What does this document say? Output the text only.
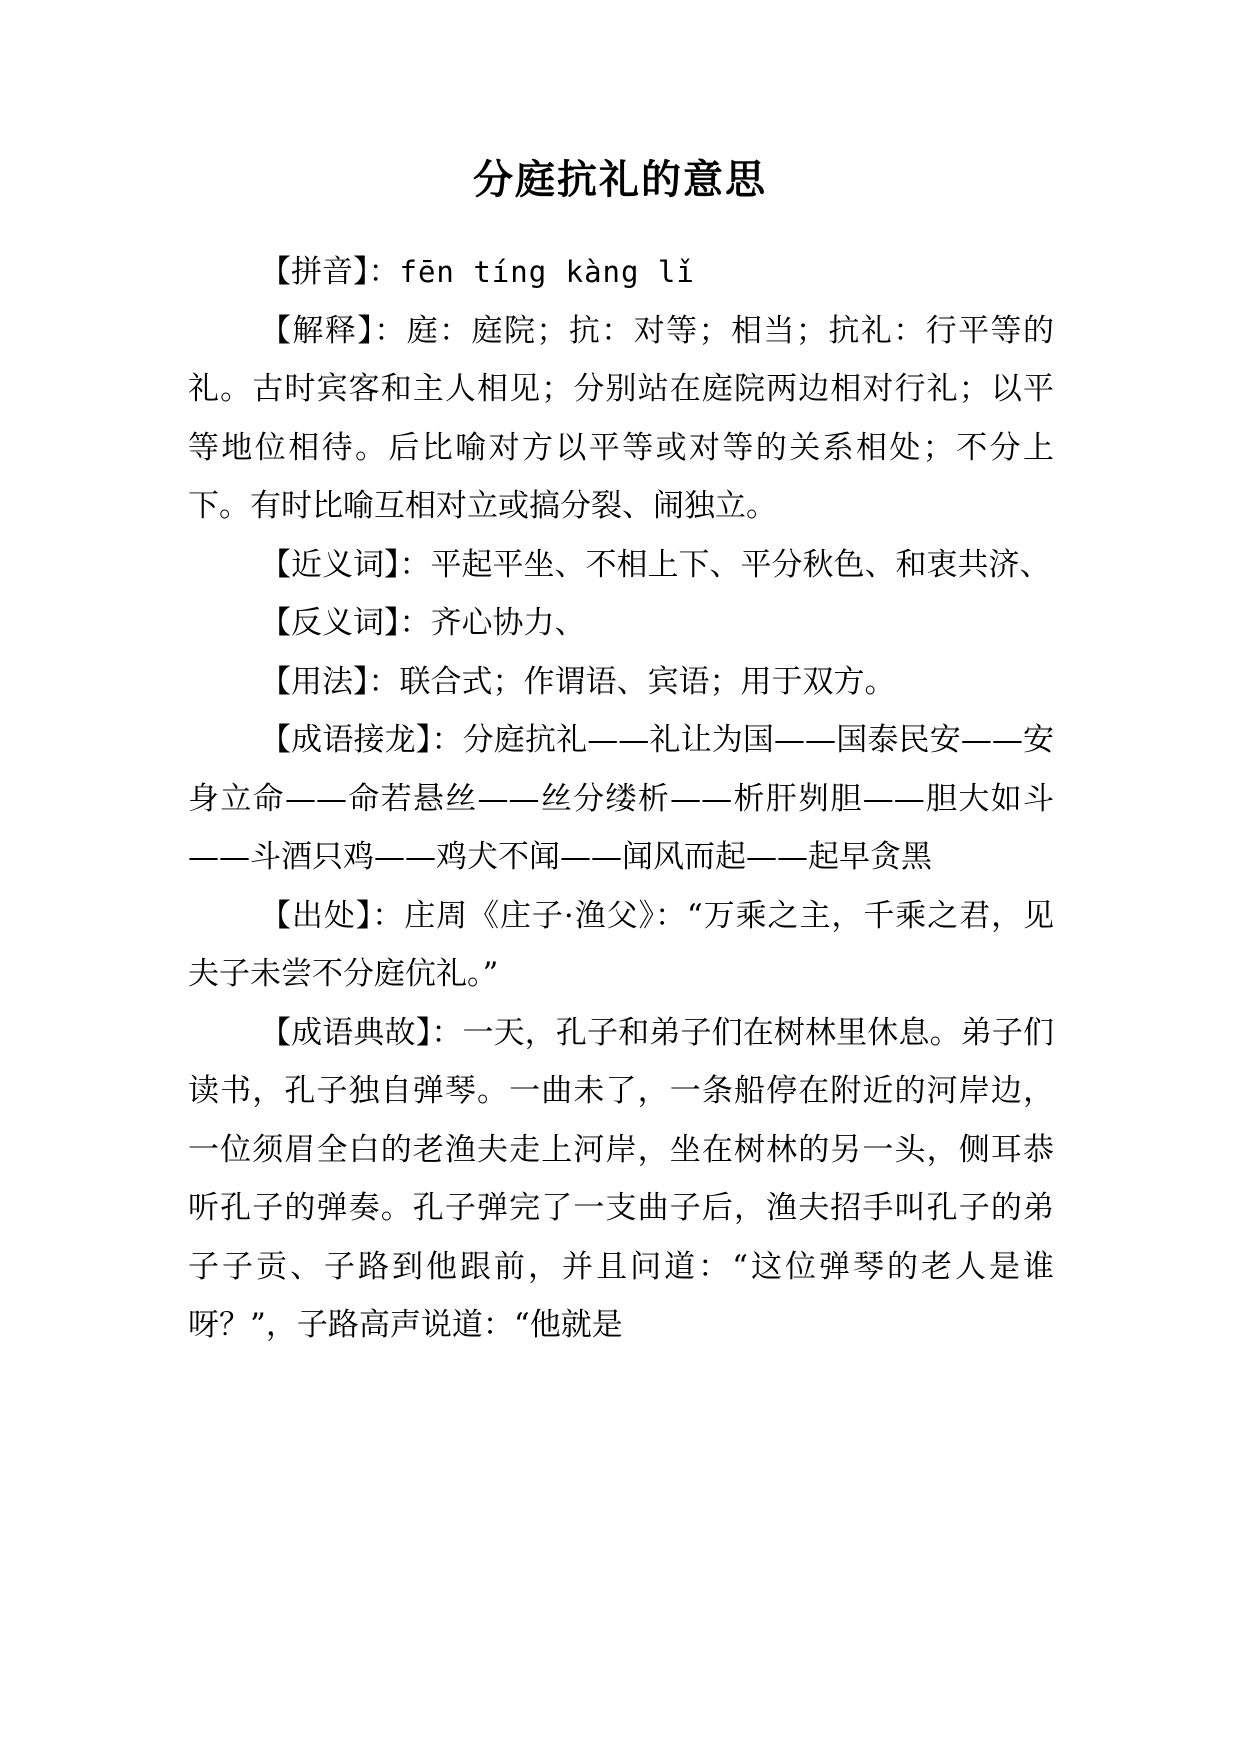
分庭抗礼的意思

【拼音】：fēn tíng kàng lǐ

【解释】：庭：庭院；抗：对等；相当；抗礼：行平等的礼。古时宾客和主人相见；分别站在庭院两边相对行礼；以平等地位相待。后比喻对方以平等或对等的关系相处；不分上下。有时比喻互相对立或搞分裂、闹独立。

【近义词】：平起平坐、不相上下、平分秋色、和衷共济、

【反义词】：齐心协力、

【用法】：联合式；作谓语、宾语；用于双方。

【成语接龙】：分庭抗礼——礼让为国——国泰民安——安身立命——命若悬丝——丝分缕析——析肝刿胆——胆大如斗——斗酒只鸡——鸡犬不闻——闻风而起——起早贪黑

【出处】：庄周《庄子·渔父》：“万乘之主，千乘之君，见夫子未尝不分庭伉礼。”

【成语典故】：一天，孔子和弟子们在树林里休息。弟子们读书，孔子独自弹琴。一曲未了，一条船停在附近的河岸边，一位须眉全白的老渔夫走上河岸，坐在树林的另一头，侧耳恭听孔子的弹奏。孔子弹完了一支曲子后，渔夫招手叫孔子的弟子子贡、子路到他跟前，并且问道：“这位弹琴的老人是谁呀？”，子路高声说道：“他就是
